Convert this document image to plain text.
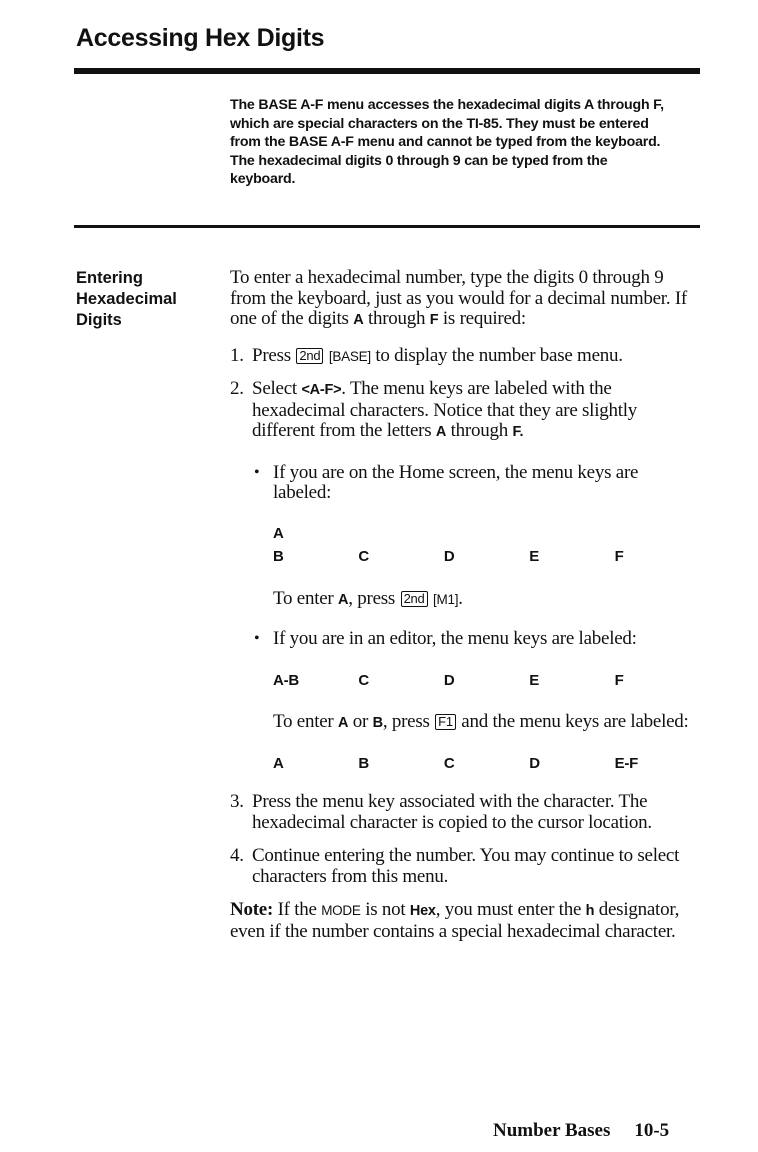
Accessing Hex Digits

The BASE A-F menu accesses the hexadecimal digits A through F, which are special characters on the TI-85. They must be entered from the BASE A-F menu and cannot be typed from the keyboard. The hexadecimal digits 0 through 9 can be typed from the keyboard.

Entering
Hexadecimal
Digits

To enter a hexadecimal number, type the digits 0 through 9 from the keyboard, just as you would for a decimal number. If one of the digits A through F is required:

1. Press 2nd [BASE] to display the number base menu.
2. Select <A-F>. The menu keys are labeled with the hexadecimal characters. Notice that they are slightly different from the letters A through F.
• If you are on the Home screen, the menu keys are labeled:
A
B	C	D	E	F
To enter A, press 2nd [M1].
• If you are in an editor, the menu keys are labeled:
A-B	C	D	E	F
To enter A or B, press F1 and the menu keys are labeled:
A	B	C	D	E-F
3. Press the menu key associated with the character. The hexadecimal character is copied to the cursor location.
4. Continue entering the number. You may continue to select characters from this menu.

Note: If the MODE is not Hex, you must enter the h designator, even if the number contains a special hexadecimal character.

Number Bases 10-5
